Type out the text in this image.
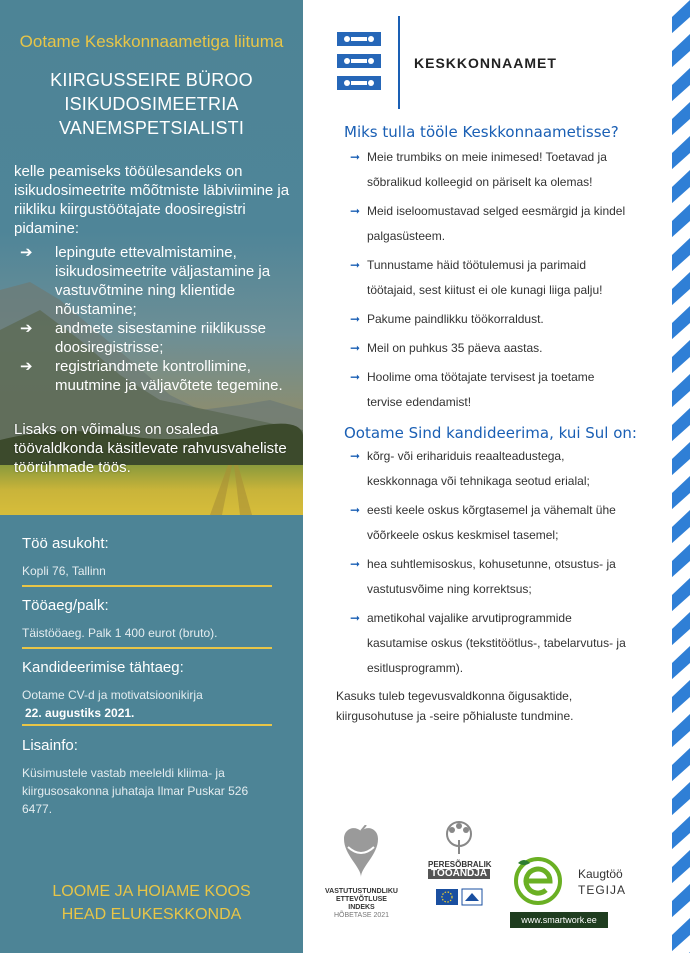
Ootame Keskkonnaametiga liituma
KIIRGUSSEIRE BÜROO
ISIKUDOSIMEETRIA
VANEMSPETSIALISTI
kelle peamiseks tööülesandeks on isikudosimeetrite mõõtmiste läbiviimine ja riikliku kiirgustöötajate doosiregistri pidamine:
➔ lepingute ettevalmistamine, isikudosimeetrite väljastamine ja vastuvõtmine ning klientide nõustamine;
➔ andmete sisestamine riiklikusse doosiregistrisse;
➔ registriandmete kontrollimine, muutmine ja väljavõtete tegemine.
Lisaks on võimalus on osaleda töövaldkonda käsitlevate rahvusvaheliste töörühmade töös.
Töö asukoht:

Kopli 76, Tallinn

Tööaeg/palk:

Täistööaeg. Palk 1 400 eurot (bruto).

Kandideerimise tähtaeg:

Ootame CV-d ja motivatsioonikirja

22. augustiks 2021.

Lisainfo:

Küsimustele vastab meeleldi kliima- ja kiirgusosakonna juhataja Ilmar Puskar 526 6477.

LOOME JA HOIAME KOOS
HEAD ELUKESKKONDA
KESKKONNAAMET
Miks tulla tööle Keskkonnaametisse?
➞ Meie trumbiks on meie inimesed! Toetavad ja sõbralikud kolleegid on päriselt ka olemas!
➞ Meid iseloomustavad selged eesmärgid ja kindel palgasüsteem.
➞ Tunnustame häid töötulemusi ja parimaid töötajaid, sest kiitust ei ole kunagi liiga palju!
➞ Pakume paindlikku töökorraldust.
➞ Meil on puhkus 35 päeva aastas.
➞ Hoolime oma töötajate tervisest ja toetame tervise edendamist!
Ootame Sind kandideerima, kui Sul on:
➞ kõrg- või erihariduis reaalteadustega, keskkonnaga või tehnikaga seotud erialal;
➞ eesti keele oskus kõrgtasemel ja vähemalt ühe võõrkeele oskus keskmisel tasemel;
➞ hea suhtlemisoskus, kohusetunne, otsustus- ja vastutusvõime ning korrektsus;
➞ ametikohal vajalike arvutiprogrammide kasutamise oskus (tekstitöötlus-, tabelarvutus- ja esitlusprogramm).
Kasuks tuleb tegevusvaldkonna õigusaktide, kiirgusohutuse ja -seire põhialuste tundmine.
VASTUTUSTUNDLIKU
ETTEVÕTLUSE INDEKS
HÕBETASE 2021
PERESÕBRALIK
TÖÖANDJA	Kaugtöö
TEGIJA
www.smartwork.ee
